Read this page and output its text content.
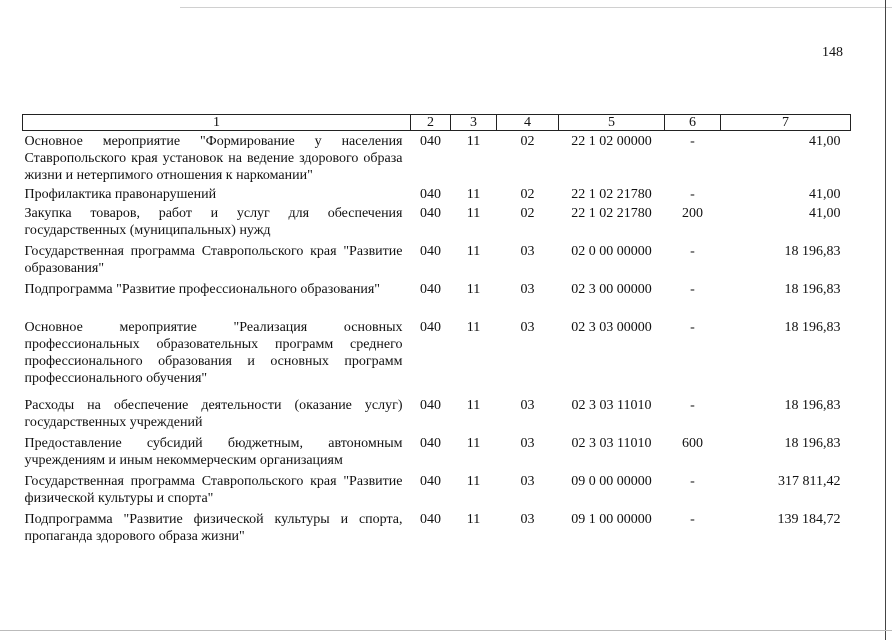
148
1	2	3	4	5	6	7
Основное мероприятие "Формирование у населения Ставропольского края установок на ведение здорового образа жизни и нетерпимого отношения к наркомании"	040	11	02	22 1 02 00000	-	41,00
Профилактика правонарушений	040	11	02	22 1 02 21780	-	41,00
Закупка товаров, работ и услуг для обеспечения государственных (муниципальных) нужд	040	11	02	22 1 02 21780	200	41,00
Государственная программа Ставропольского края "Развитие образования"	040	11	03	02 0 00 00000	-	18 196,83
Подпрограмма "Развитие профессионального образования"	040	11	03	02 3 00 00000	-	18 196,83
Основное мероприятие "Реализация основных профессиональных образовательных программ среднего профессионального образования и основных программ профессионального обучения"	040	11	03	02 3 03 00000	-	18 196,83
Расходы на обеспечение деятельности (оказание услуг) государственных учреждений	040	11	03	02 3 03 11010	-	18 196,83
Предоставление субсидий бюджетным, автономным учреждениям и иным некоммерческим организациям	040	11	03	02 3 03 11010	600	18 196,83
Государственная программа Ставропольского края "Развитие физической культуры и спорта"	040	11	03	09 0 00 00000	-	317 811,42
Подпрограмма "Развитие физической культуры и спорта, пропаганда здорового образа жизни"	040	11	03	09 1 00 00000	-	139 184,72
